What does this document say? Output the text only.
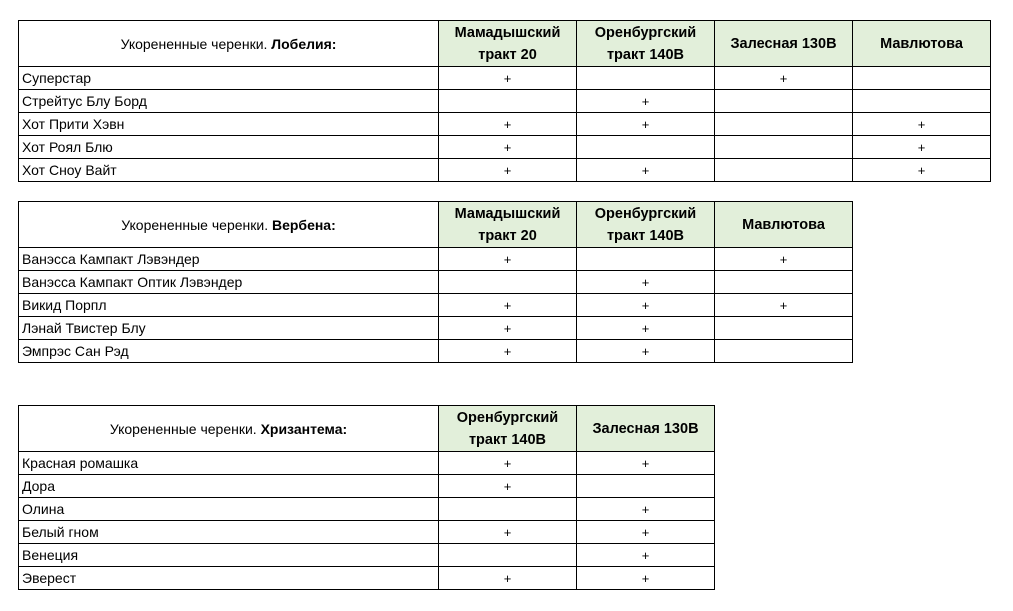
Укорененные черенки. Лобелия:	Мамадышский тракт 20	Оренбургский тракт 140В	Залесная 130В	Мавлютова
Суперстар	+		+	
Стрейтус Блу Борд		+		
Хот Прити Хэвн	+	+		+
Хот Роял Блю	+			+
Хот Сноу Вайт	+	+		+
Укорененные черенки. Вербена:	Мамадышский тракт 20	Оренбургский тракт 140В	Мавлютова
Ванэсса Кампакт Лэвэндер	+		+
Ванэсса Кампакт Оптик Лэвэндер		+	
Викид Порпл	+	+	+
Лэнай Твистер Блу	+	+	
Эмпрэс Сан Рэд	+	+	
Укорененные черенки. Хризантема:	Оренбургский тракт 140В	Залесная 130В
Красная ромашка	+	+
Дора	+	
Олина		+
Белый гном	+	+
Венеция		+
Эверест	+	+
